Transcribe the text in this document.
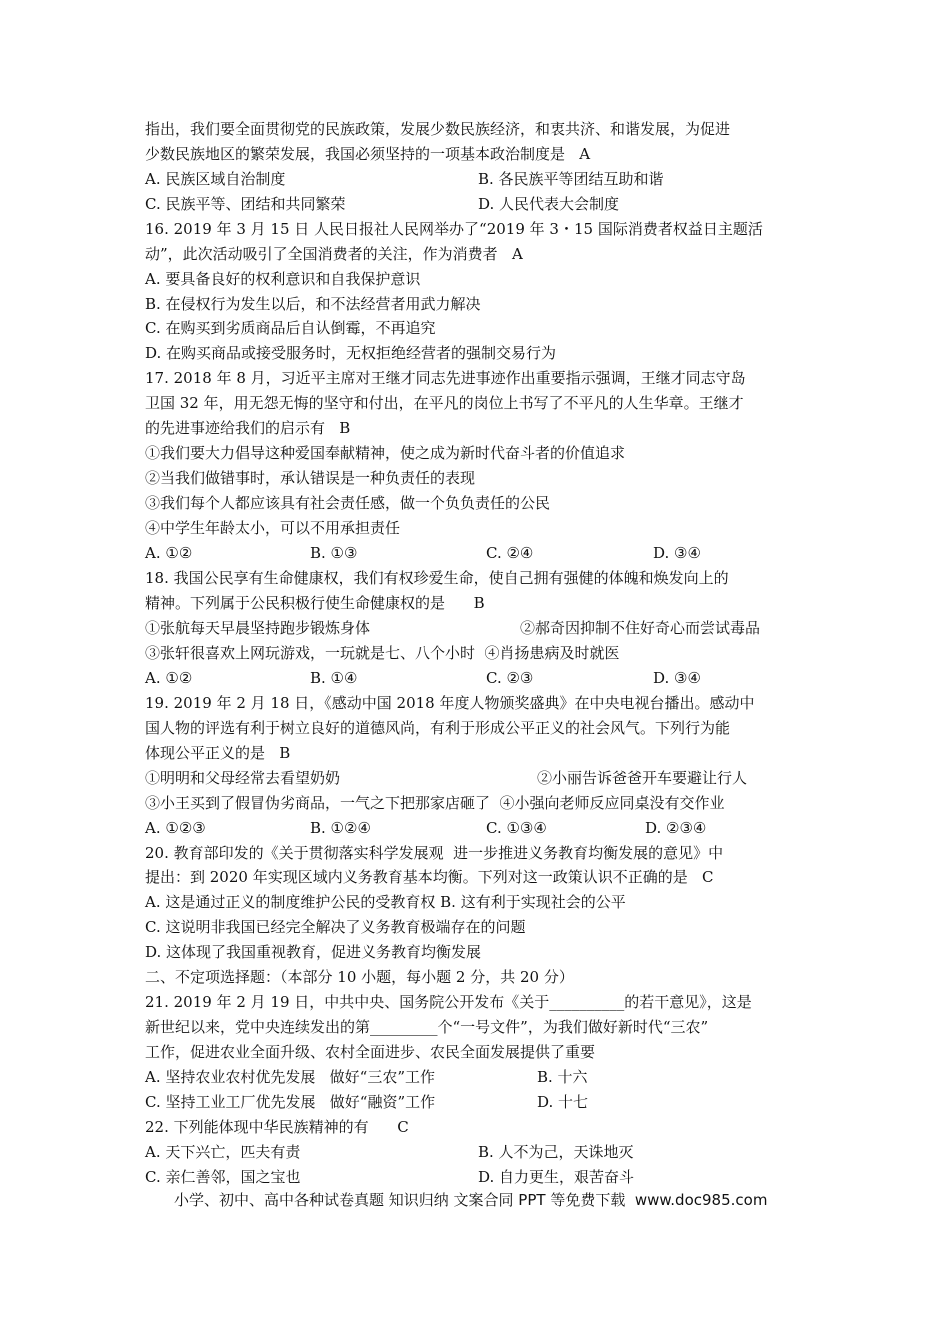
指出，我们要全面贯彻党的民族政策，发展少数民族经济，和衷共济、和谐发展，为促进
少数民族地区的繁荣发展，我国必须坚持的一项基本政治制度是   A
A. 民族区域自治制度	B. 各民族平等团结互助和谐
C. 民族平等、团结和共同繁荣	D. 人民代表大会制度
16. 2019 年 3 月 15 日 人民日报社人民网举办了“2019 年 3・15 国际消费者权益日主题活
动”，此次活动吸引了全国消费者的关注，作为消费者   A
A. 要具备良好的权利意识和自我保护意识
B. 在侵权行为发生以后，和不法经营者用武力解决
C. 在购买到劣质商品后自认倒霉，不再追究
D. 在购买商品或接受服务时，无权拒绝经营者的强制交易行为
17. 2018 年 8 月，习近平主席对王继才同志先进事迹作出重要指示强调，王继才同志守岛
卫国 32 年，用无怨无悔的坚守和付出，在平凡的岗位上书写了不平凡的人生华章。王继才
的先进事迹给我们的启示有   B
①我们要大力倡导这种爱国奉献精神，使之成为新时代奋斗者的价值追求
②当我们做错事时，承认错误是一种负责任的表现
③我们每个人都应该具有社会责任感，做一个负负责任的公民
④中学生年龄太小，可以不用承担责任
A. ①②	B. ①③	C. ②④	D. ③④
18. 我国公民享有生命健康权，我们有权珍爱生命，使自己拥有强健的体魄和焕发向上的
精神。下列属于公民积极行使生命健康权的是      B
①张航每天早晨坚持跑步锻炼身体	②郝奇因抑制不住好奇心而尝试毒品
③张轩很喜欢上网玩游戏，一玩就是七、八个小时  ④肖扬患病及时就医
A. ①②	B. ①④	C. ②③	D. ③④
19. 2019 年 2 月 18 日，《感动中国 2018 年度人物颁奖盛典》在中央电视台播出。感动中
国人物的评选有利于树立良好的道德风尚，有利于形成公平正义的社会风气。下列行为能
体现公平正义的是   B
①明明和父母经常去看望奶奶	②小丽告诉爸爸开车要避让行人
③小王买到了假冒伪劣商品，一气之下把那家店砸了  ④小强向老师反应同桌没有交作业
A. ①②③	B. ①②④	C. ①③④	D. ②③④
20. 教育部印发的《关于贯彻落实科学发展观  进一步推进义务教育均衡发展的意见》中
提出：到 2020 年实现区域内义务教育基本均衡。下列对这一政策认识不正确的是   C
A. 这是通过正义的制度维护公民的受教育权 B. 这有利于实现社会的公平
C. 这说明非我国已经完全解决了义务教育极端存在的问题
D. 这体现了我国重视教育，促进义务教育均衡发展
二、不定项选择题：（本部分 10 小题，每小题 2 分，共 20 分）
21. 2019 年 2 月 19 日，中共中央、国务院公开发布《关于__________的若干意见》，这是
新世纪以来，党中央连续发出的第_________个“一号文件”，为我们做好新时代“三农”
工作，促进农业全面升级、农村全面进步、农民全面发展提供了重要
A. 坚持农业农村优先发展   做好“三农”工作	B. 十六
C. 坚持工业工厂优先发展   做好“融资”工作	D. 十七
22. 下列能体现中华民族精神的有      C
A. 天下兴亡，匹夫有责	B. 人不为己，天诛地灭
C. 亲仁善邻，国之宝也	D. 自力更生，艰苦奋斗
小学、初中、高中各种试卷真题 知识归纳 文案合同 PPT 等免费下载  www.doc985.com
